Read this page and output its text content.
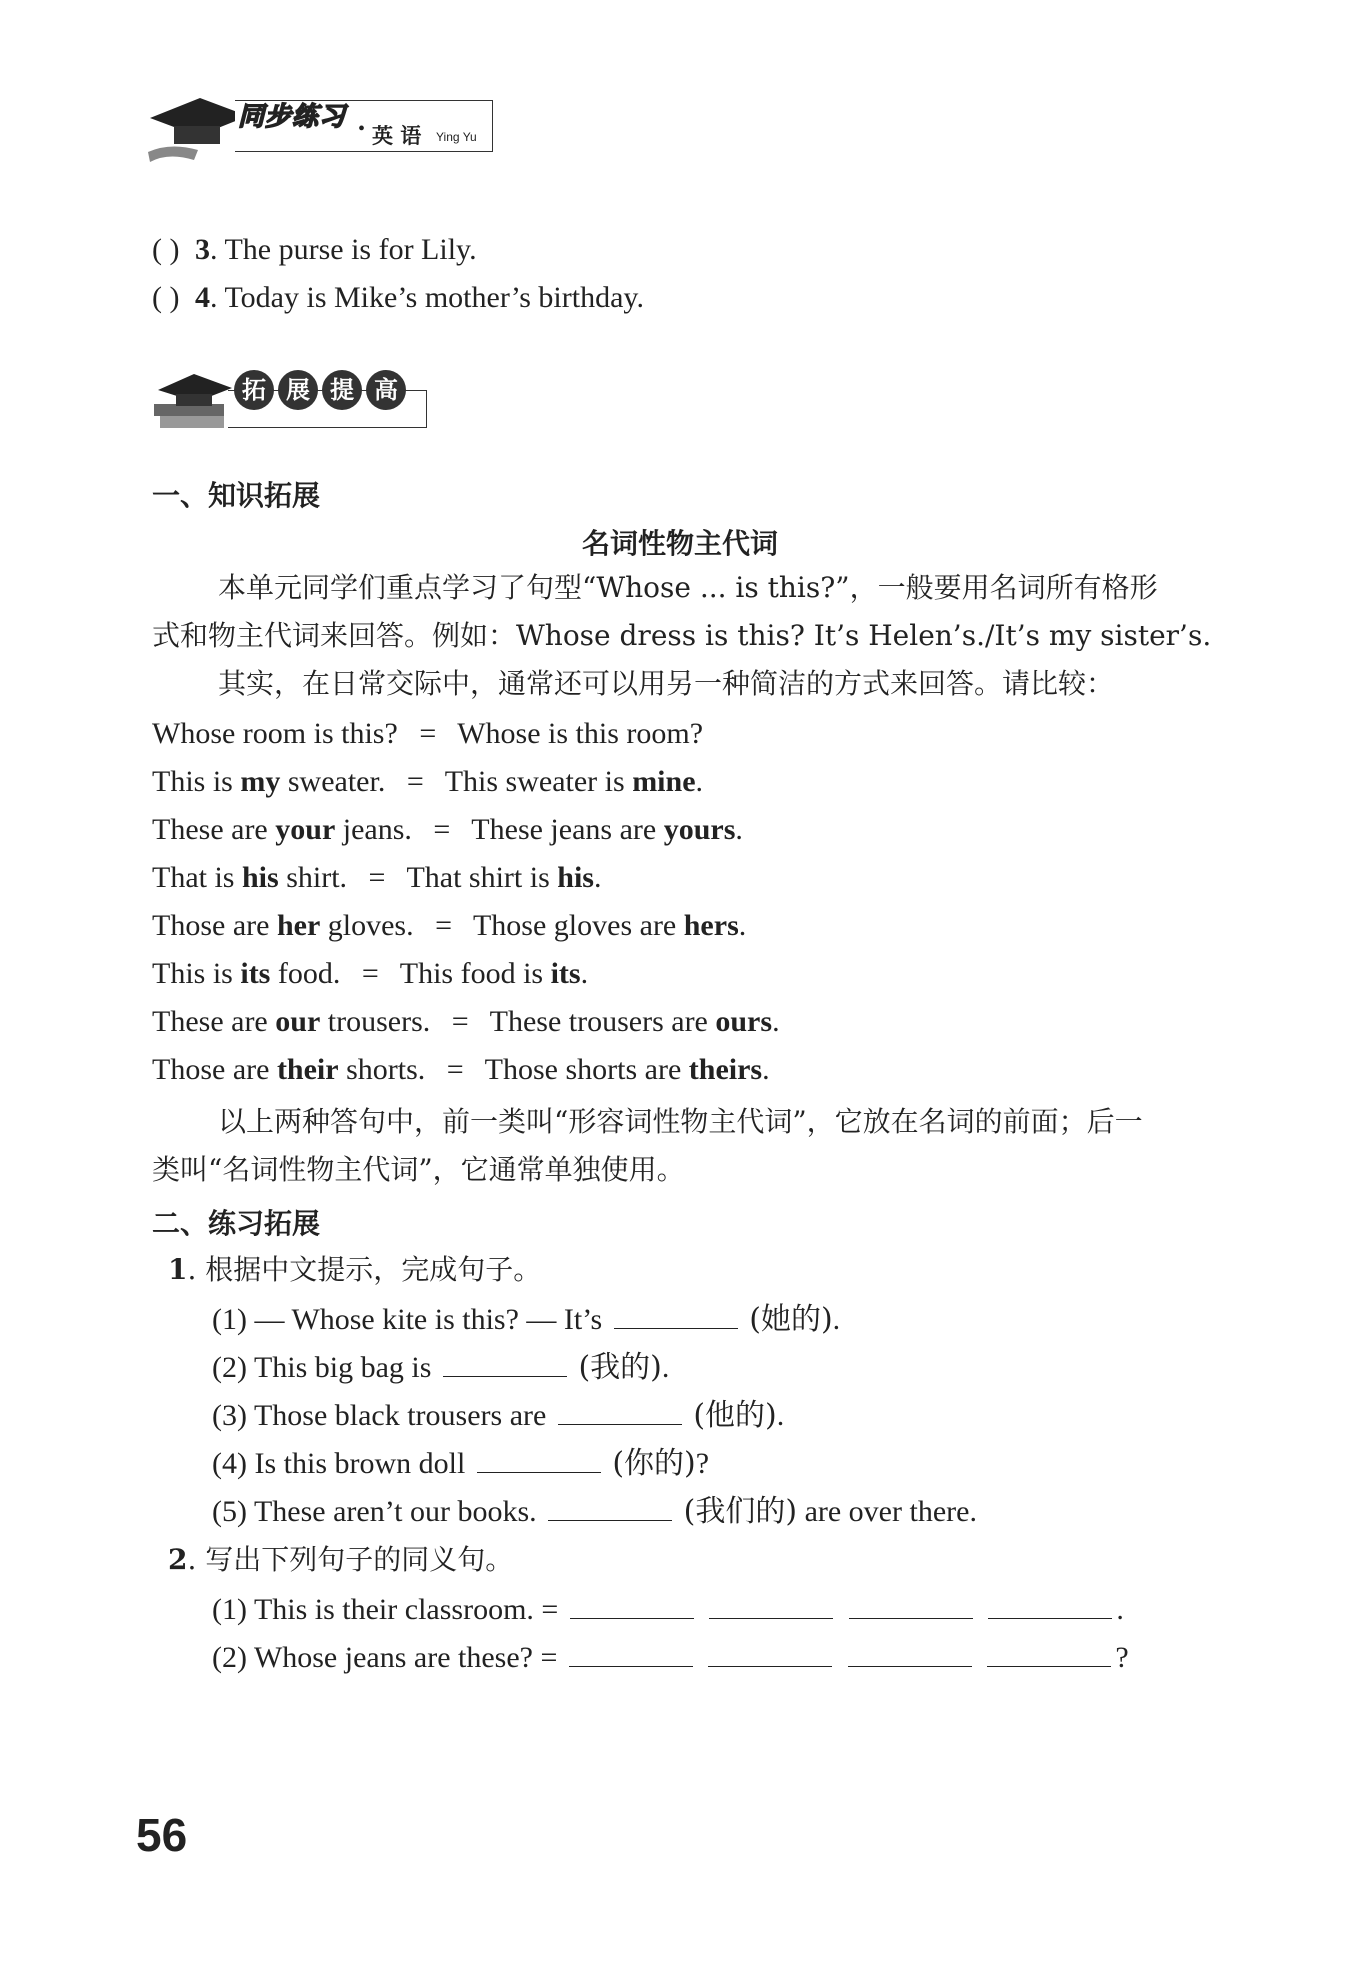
同步练习 • 英 语 Ying Yu
( ) 3. The purse is for Lily.
( ) 4. Today is Mike’s mother’s birthday.
拓 展 提 高
一、知识拓展
名词性物主代词
本单元同学们重点学习了句型“Whose ... is this?”，一般要用名词所有格形
式和物主代词来回答。例如：Whose dress is this? It’s Helen’s./It’s my sister’s.
其实，在日常交际中，通常还可以用另一种简洁的方式来回答。请比较：
Whose room is this? = Whose is this room?
This is my sweater. = This sweater is mine.
These are your jeans. = These jeans are yours.
That is his shirt. = That shirt is his.
Those are her gloves. = Those gloves are hers.
This is its food. = This food is its.
These are our trousers. = These trousers are ours.
Those are their shorts. = Those shorts are theirs.
以上两种答句中，前一类叫“形容词性物主代词”，它放在名词的前面；后一
类叫“名词性物主代词”，它通常单独使用。
二、练习拓展
1. 根据中文提示，完成句子。
(1) — Whose kite is this? — It’s	(她的).
(2) This big bag is	(我的).
(3) Those black trousers are	(他的).
(4) Is this brown doll	(你的)?
(5) These aren’t our books.	(我们的) are over there.
2. 写出下列句子的同义句。
(1) This is their classroom. =	.
(2) Whose jeans are these? =	?
56
